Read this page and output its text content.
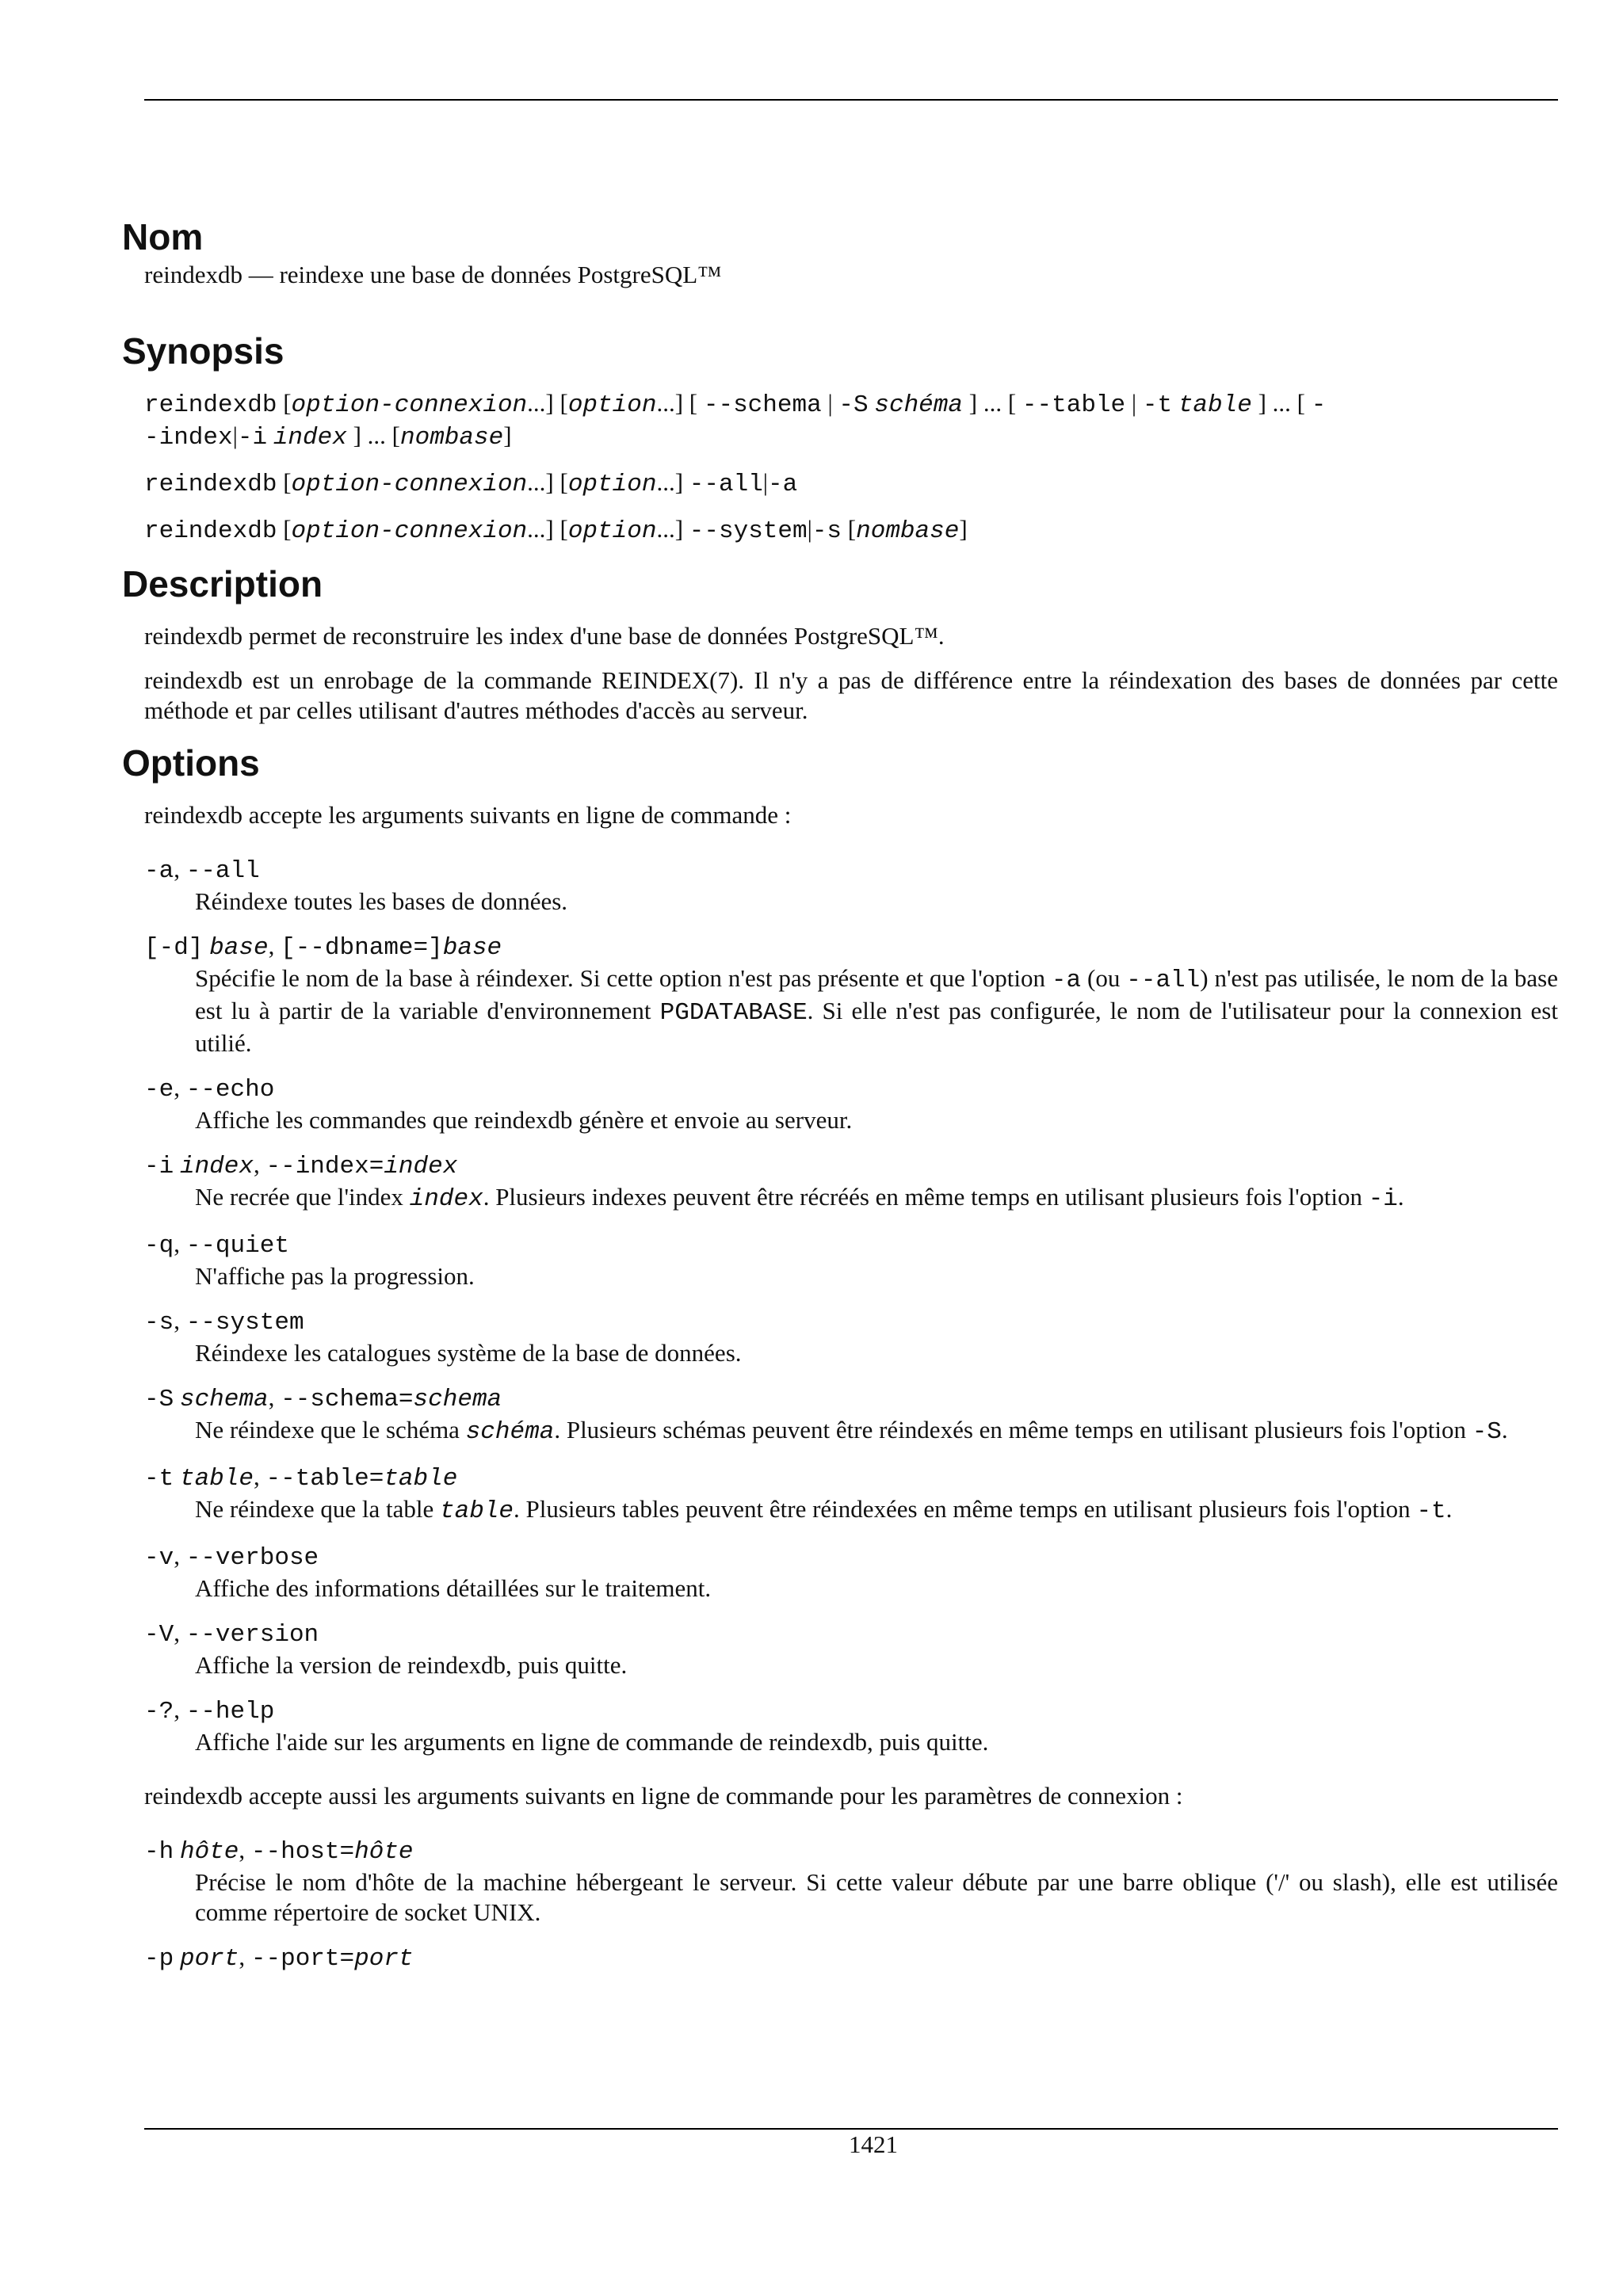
Nom

reindexdb — reindexe une base de données PostgreSQL™

Synopsis

reindexdb [option-connexion...] [option...] [ --schema | -S schéma ] ... [ --table | -t table ] ... [ -
-index|-i index ] ... [nombase]

reindexdb [option-connexion...] [option...] --all|-a

reindexdb [option-connexion...] [option...] --system|-s [nombase]

Description

reindexdb permet de reconstruire les index d'une base de données PostgreSQL™.

reindexdb est un enrobage de la commande REINDEX(7). Il n'y a pas de différence entre la réindexation des bases de données par cette méthode et par celles utilisant d'autres méthodes d'accès au serveur.

Options

reindexdb accepte les arguments suivants en ligne de commande :

-a, --all
Réindexe toutes les bases de données.
[-d] base, [--dbname=]base
Spécifie le nom de la base à réindexer. Si cette option n'est pas présente et que l'option -a (ou --all) n'est pas utilisée, le nom de la base est lu à partir de la variable d'environnement PGDATABASE. Si elle n'est pas configurée, le nom de l'utilisateur pour la connexion est utilié.
-e, --echo
Affiche les commandes que reindexdb génère et envoie au serveur.
-i index, --index=index
Ne recrée que l'index index. Plusieurs indexes peuvent être récréés en même temps en utilisant plusieurs fois l'option -i.
-q, --quiet
N'affiche pas la progression.
-s, --system
Réindexe les catalogues système de la base de données.
-S schema, --schema=schema
Ne réindexe que le schéma schéma. Plusieurs schémas peuvent être réindexés en même temps en utilisant plusieurs fois l'option -S.
-t table, --table=table
Ne réindexe que la table table. Plusieurs tables peuvent être réindexées en même temps en utilisant plusieurs fois l'option -t.
-v, --verbose
Affiche des informations détaillées sur le traitement.
-V, --version
Affiche la version de reindexdb, puis quitte.
-?, --help
Affiche l'aide sur les arguments en ligne de commande de reindexdb, puis quitte.

reindexdb accepte aussi les arguments suivants en ligne de commande pour les paramètres de connexion :

-h hôte, --host=hôte
Précise le nom d'hôte de la machine hébergeant le serveur. Si cette valeur débute par une barre oblique ('/' ou slash), elle est utilisée comme répertoire de socket UNIX.
-p port, --port=port
1421
